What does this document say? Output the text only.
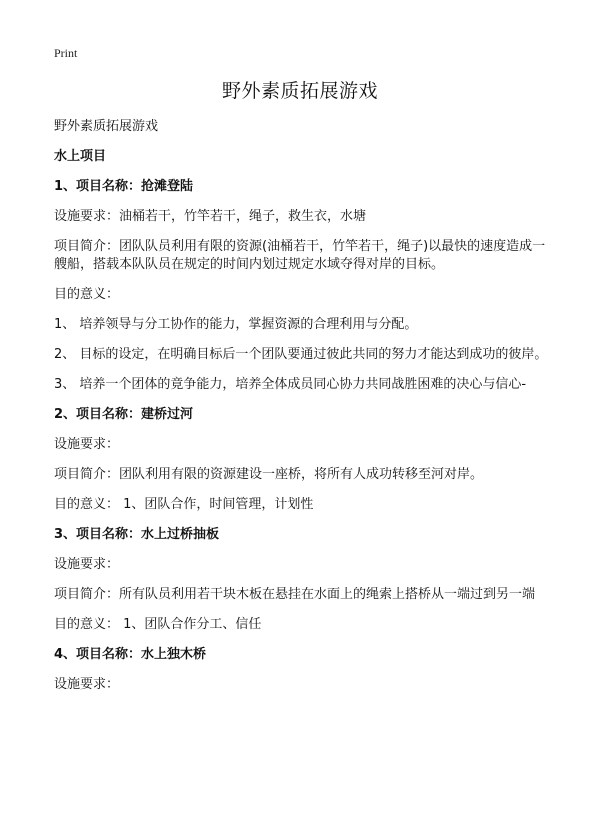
Print
野外素质拓展游戏

野外素质拓展游戏

水上项目

1、项目名称：抢滩登陆

设施要求：油桶若干，竹竿若干，绳子，救生衣，水塘

项目简介：团队队员利用有限的资源(油桶若干，竹竿若干，绳子)以最快的速度造成一艘船，搭载本队队员在规定的时间内划过规定水域夺得对岸的目标。

目的意义：

1、 培养领导与分工协作的能力，掌握资源的合理利用与分配。

2、 目标的设定，在明确目标后一个团队要通过彼此共同的努力才能达到成功的彼岸。

3、 培养一个团体的竟争能力，培养全体成员同心协力共同战胜困难的决心与信心-

2、项目名称：建桥过河

设施要求：

项目简介：团队利用有限的资源建设一座桥，将所有人成功转移至河对岸。

目的意义： 1、团队合作，时间管理，计划性

3、项目名称：水上过桥抽板

设施要求：

项目简介：所有队员利用若干块木板在悬挂在水面上的绳索上搭桥从一端过到另一端

目的意义： 1、团队合作分工、信任

4、项目名称：水上独木桥

设施要求：
